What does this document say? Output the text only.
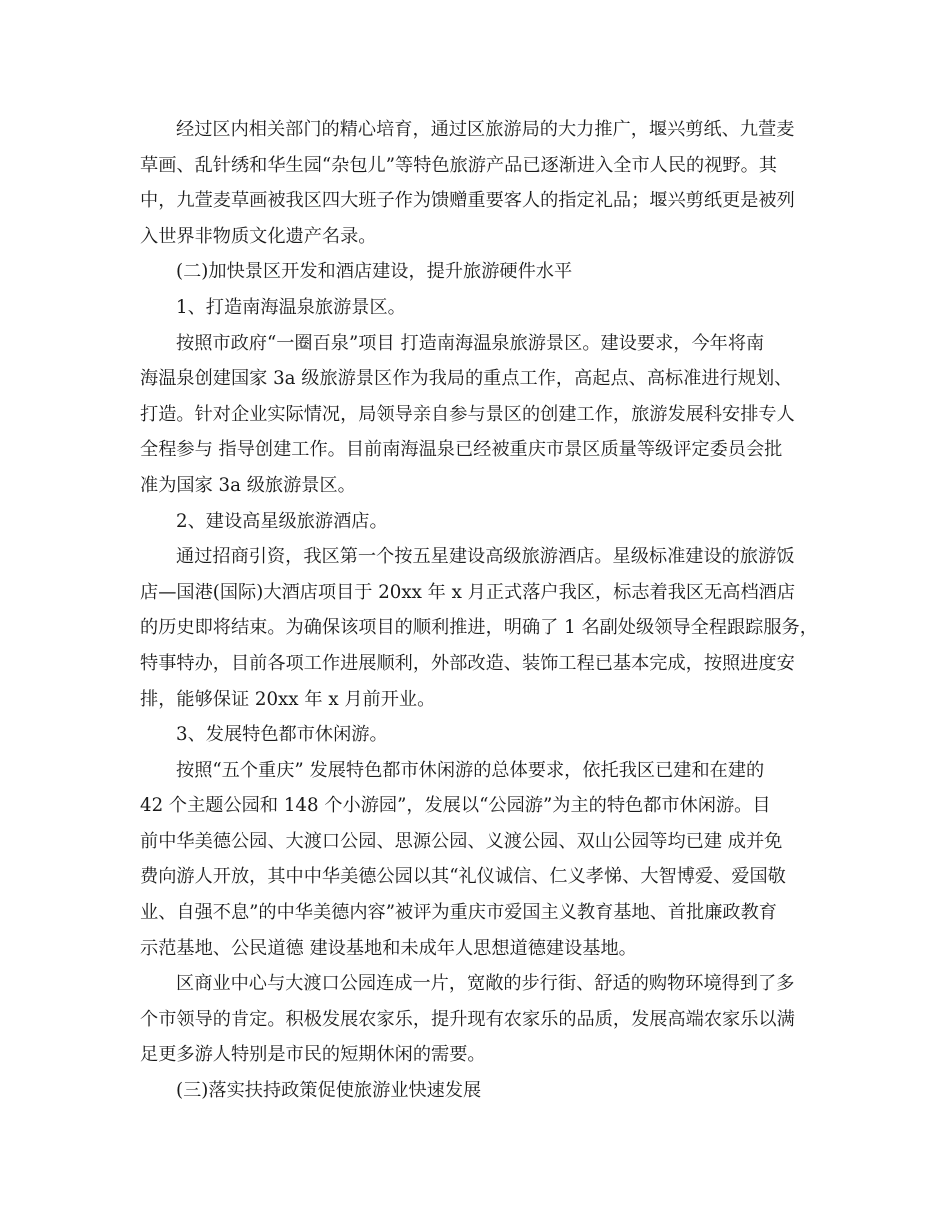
经过区内相关部门的精心培育，通过区旅游局的大力推广，堰兴剪纸、九萱麦
草画、乱针绣和华生园“杂包儿”等特色旅游产品已逐渐进入全市人民的视野。其
中，九萱麦草画被我区四大班子作为馈赠重要客人的指定礼品；堰兴剪纸更是被列
入世界非物质文化遗产名录。
(二)加快景区开发和酒店建设，提升旅游硬件水平
1、打造南海温泉旅游景区。
按照市政府“一圈百泉”项目 打造南海温泉旅游景区。建设要求，今年将南
海温泉创建国家 3a 级旅游景区作为我局的重点工作，高起点、高标准进行规划、
打造。针对企业实际情况，局领导亲自参与景区的创建工作，旅游发展科安排专人
全程参与 指导创建工作。目前南海温泉已经被重庆市景区质量等级评定委员会批
准为国家 3a 级旅游景区。
2、建设高星级旅游酒店。
通过招商引资，我区第一个按五星建设高级旅游酒店。星级标准建设的旅游饭
店—国港(国际)大酒店项目于 20xx 年 x 月正式落户我区，标志着我区无高档酒店
的历史即将结束。为确保该项目的顺利推进，明确了 1 名副处级领导全程跟踪服务，
特事特办，目前各项工作进展顺利，外部改造、装饰工程已基本完成，按照进度安
排，能够保证 20xx 年 x 月前开业。
3、发展特色都市休闲游。
按照“五个重庆” 发展特色都市休闲游的总体要求，依托我区已建和在建的
42 个主题公园和 148 个小游园”，发展以“公园游”为主的特色都市休闲游。目
前中华美德公园、大渡口公园、思源公园、义渡公园、双山公园等均已建 成并免
费向游人开放，其中中华美德公园以其“礼仪诚信、仁义孝悌、大智博爱、爱国敬
业、自强不息”的中华美德内容”被评为重庆市爱国主义教育基地、首批廉政教育
示范基地、公民道德 建设基地和未成年人思想道德建设基地。
区商业中心与大渡口公园连成一片，宽敞的步行街、舒适的购物环境得到了多
个市领导的肯定。积极发展农家乐，提升现有农家乐的品质，发展高端农家乐以满
足更多游人特别是市民的短期休闲的需要。
(三)落实扶持政策促使旅游业快速发展
